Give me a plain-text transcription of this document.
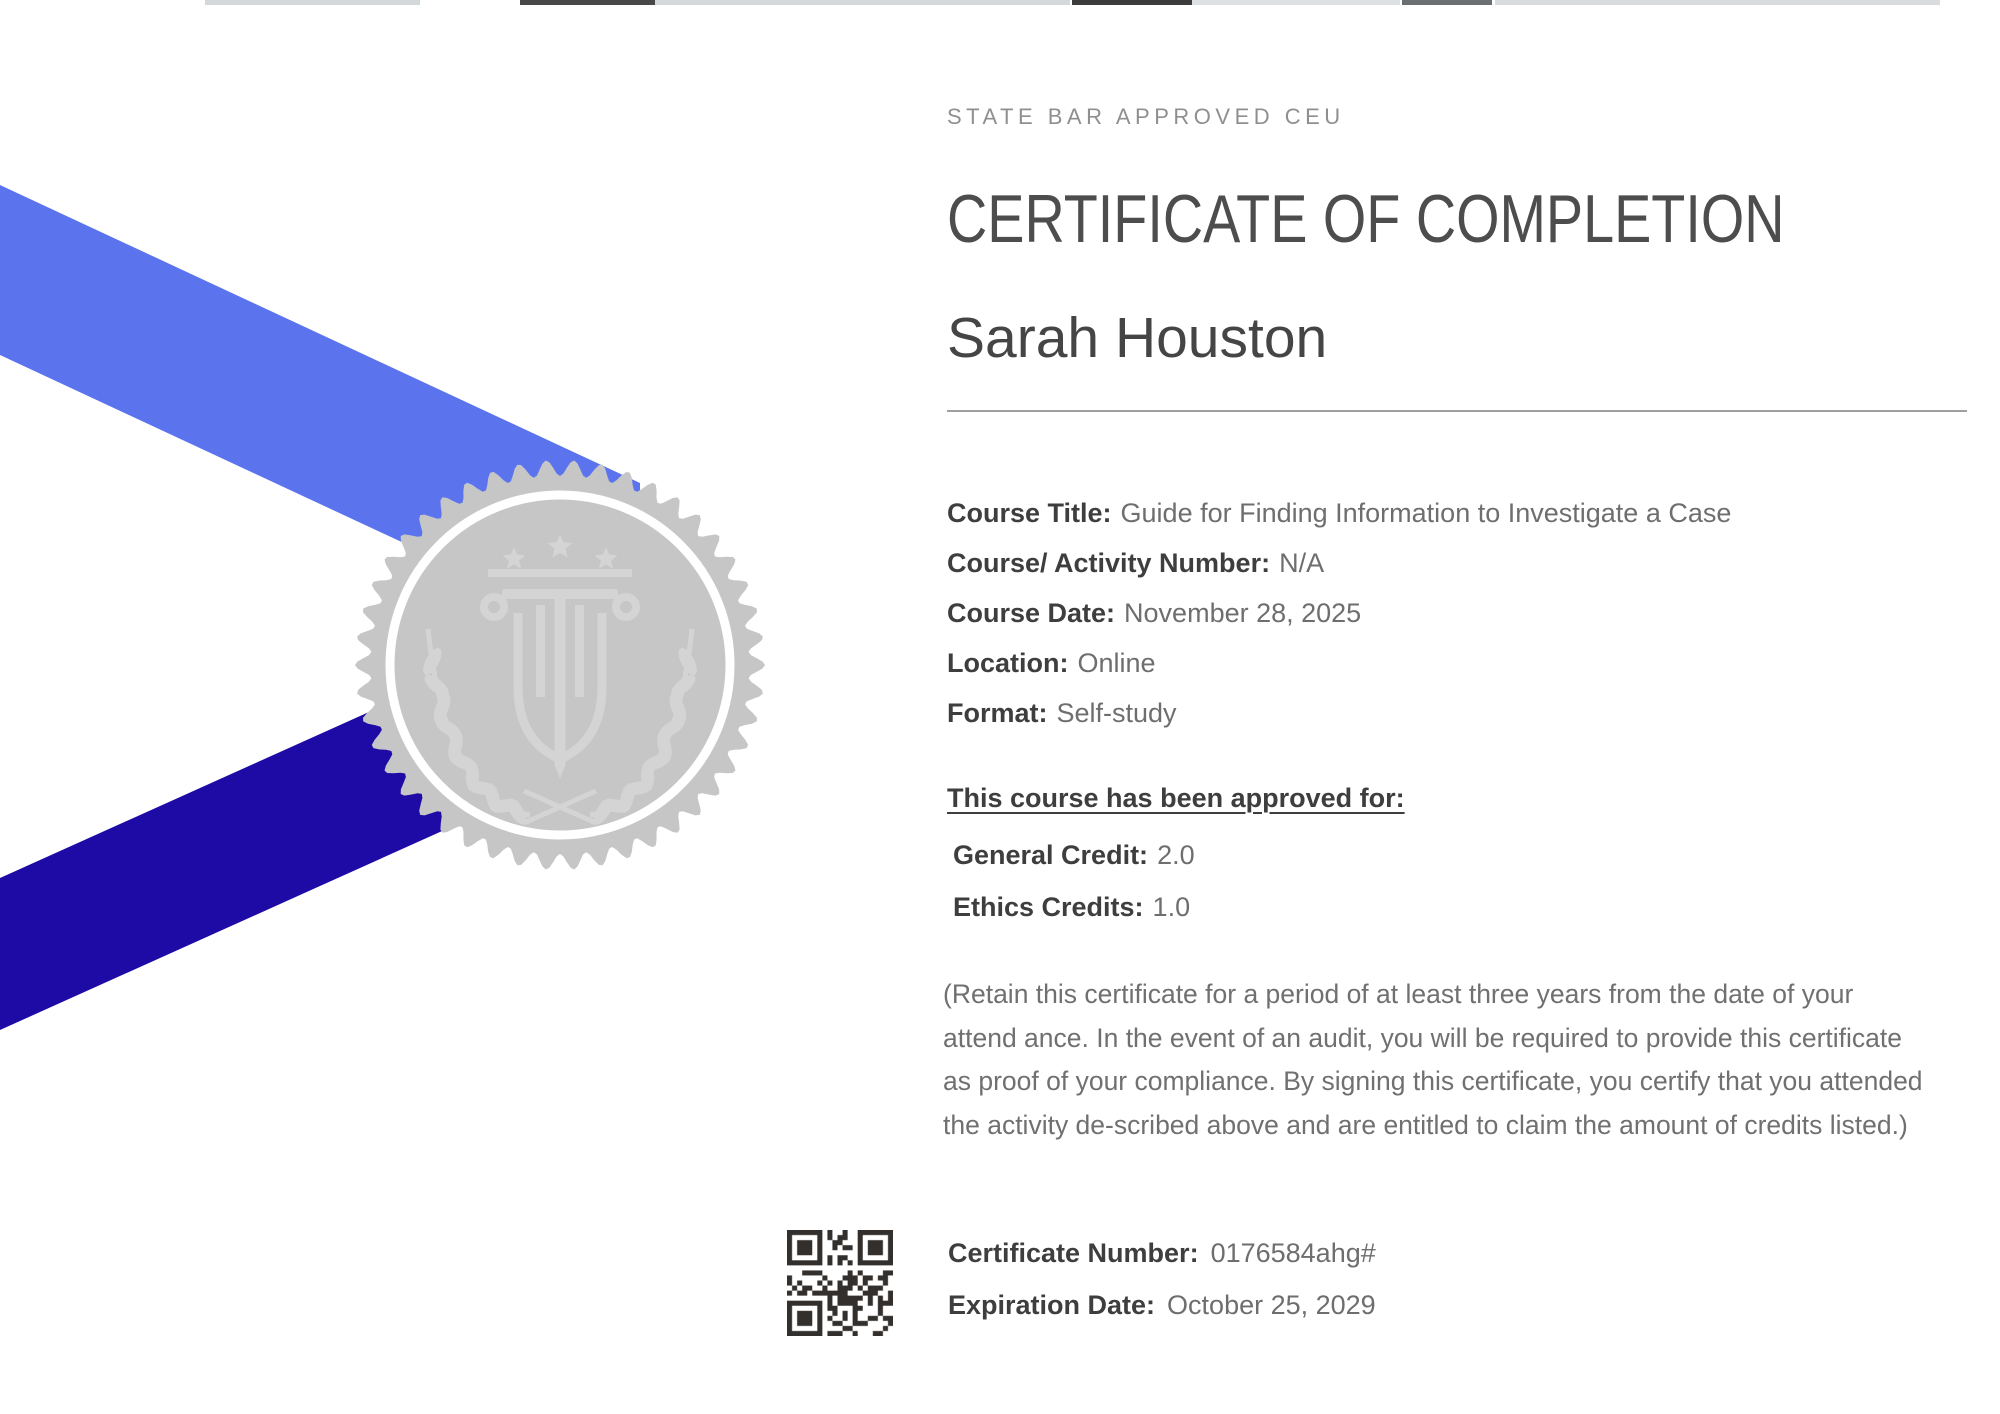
STATE BAR APPROVED CEU
CERTIFICATE OF COMPLETION
Sarah Houston
Course Title: Guide for Finding Information to Investigate a Case
Course/ Activity Number: N/A
Course Date: November 28, 2025
Location: Online
Format: Self-study
This course has been approved for:
General Credit: 2.0
Ethics Credits: 1.0
(Retain this certificate for a period of at least three years from the date of your
attend ance. In the event of an audit, you will be required to provide this certificate
as proof of your compliance. By signing this certificate, you certify that you attended
the activity de-scribed above and are entitled to claim the amount of credits listed.)
Certificate Number: 0176584ahg#
Expiration Date: October 25, 2029
